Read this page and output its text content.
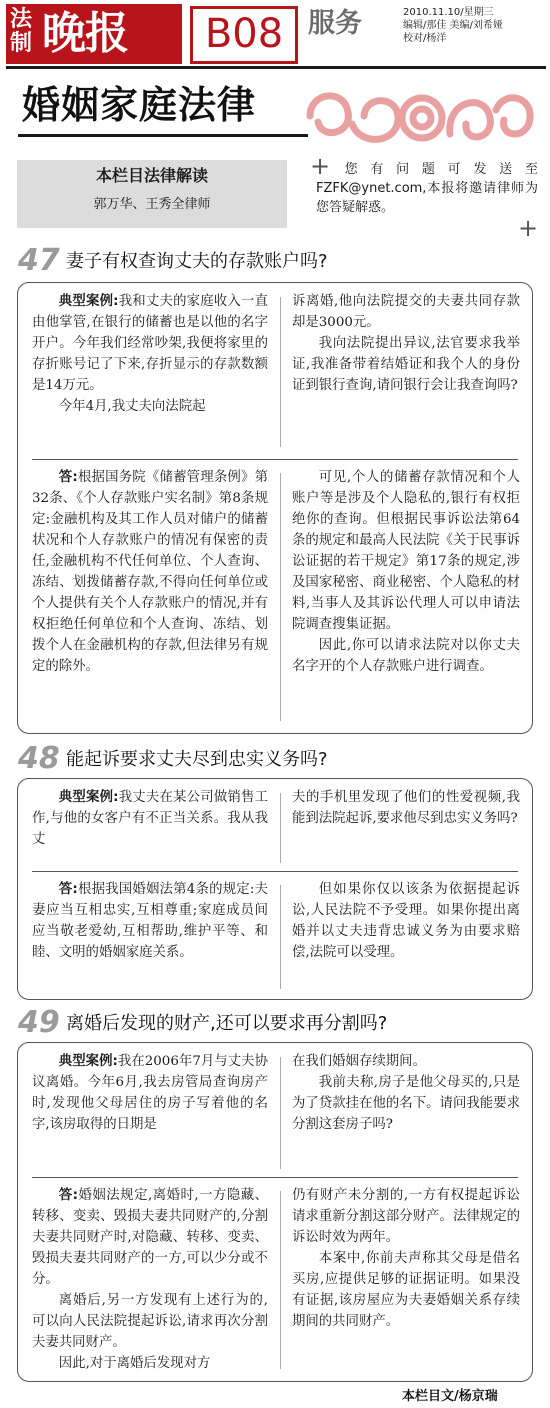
法制 晚报	B08 服务	2010.11.10/星期三
编辑/那佳 美编/刘希娅
校对/杨洋
婚姻家庭法律
本栏目法律解读
郭万华、王秀全律师
+	您有问题可发送至FZFK@ynet.com,本报将邀请律师为您答疑解惑。

+
47 妻子有权查询丈夫的存款账户吗?

典型案例:我和丈夫的家庭收入一直由他掌管,在银行的储蓄也是以他的名字开户。今年我们经常吵架,我便将家里的存折账号记了下来,存折显示的存款数额是14万元。

今年4月,我丈夫向法院起

诉离婚,他向法院提交的夫妻共同存款却是3000元。

我向法院提出异议,法官要求我举证,我准备带着结婚证和我个人的身份证到银行查询,请问银行会让我查询吗?

答:根据国务院《储蓄管理条例》第32条、《个人存款账户实名制》第8条规定:金融机构及其工作人员对储户的储蓄状况和个人存款账户的情况有保密的责任,金融机构不代任何单位、个人查询、冻结、划拨储蓄存款,不得向任何单位或个人提供有关个人存款账户的情况,并有权拒绝任何单位和个人查询、冻结、划拨个人在金融机构的存款,但法律另有规定的除外。

可见,个人的储蓄存款情况和个人账户等是涉及个人隐私的,银行有权拒绝你的查询。但根据民事诉讼法第64条的规定和最高人民法院《关于民事诉讼证据的若干规定》第17条的规定,涉及国家秘密、商业秘密、个人隐私的材料,当事人及其诉讼代理人可以申请法院调查搜集证据。

因此,你可以请求法院对以你丈夫名字开的个人存款账户进行调查。

48 能起诉要求丈夫尽到忠实义务吗?

典型案例:我丈夫在某公司做销售工作,与他的女客户有不正当关系。我从我丈

夫的手机里发现了他们的性爱视频,我能到法院起诉,要求他尽到忠实义务吗?

答:根据我国婚姻法第4条的规定:夫妻应当互相忠实,互相尊重;家庭成员间应当敬老爱幼,互相帮助,维护平等、和睦、文明的婚姻家庭关系。

但如果你仅以该条为依据提起诉讼,人民法院不予受理。如果你提出离婚并以丈夫违背忠诚义务为由要求赔偿,法院可以受理。

49 离婚后发现的财产,还可以要求再分割吗?

典型案例:我在2006年7月与丈夫协议离婚。今年6月,我去房管局查询房产时,发现他父母居住的房子写着他的名字,该房取得的日期是

在我们婚姻存续期间。

我前夫称,房子是他父母买的,只是为了贷款挂在他的名下。请问我能要求分割这套房子吗?

答:婚姻法规定,离婚时,一方隐藏、转移、变卖、毁损夫妻共同财产的,分割夫妻共同财产时,对隐藏、转移、变卖、毁损夫妻共同财产的一方,可以少分或不分。

离婚后,另一方发现有上述行为的,可以向人民法院提起诉讼,请求再次分割夫妻共同财产。

因此,对于离婚后发现对方

仍有财产未分割的,一方有权提起诉讼请求重新分割这部分财产。法律规定的诉讼时效为两年。

本案中,你前夫声称其父母是借名买房,应提供足够的证据证明。如果没有证据,该房屋应为夫妻婚姻关系存续期间的共同财产。

本栏目文/杨京瑞
